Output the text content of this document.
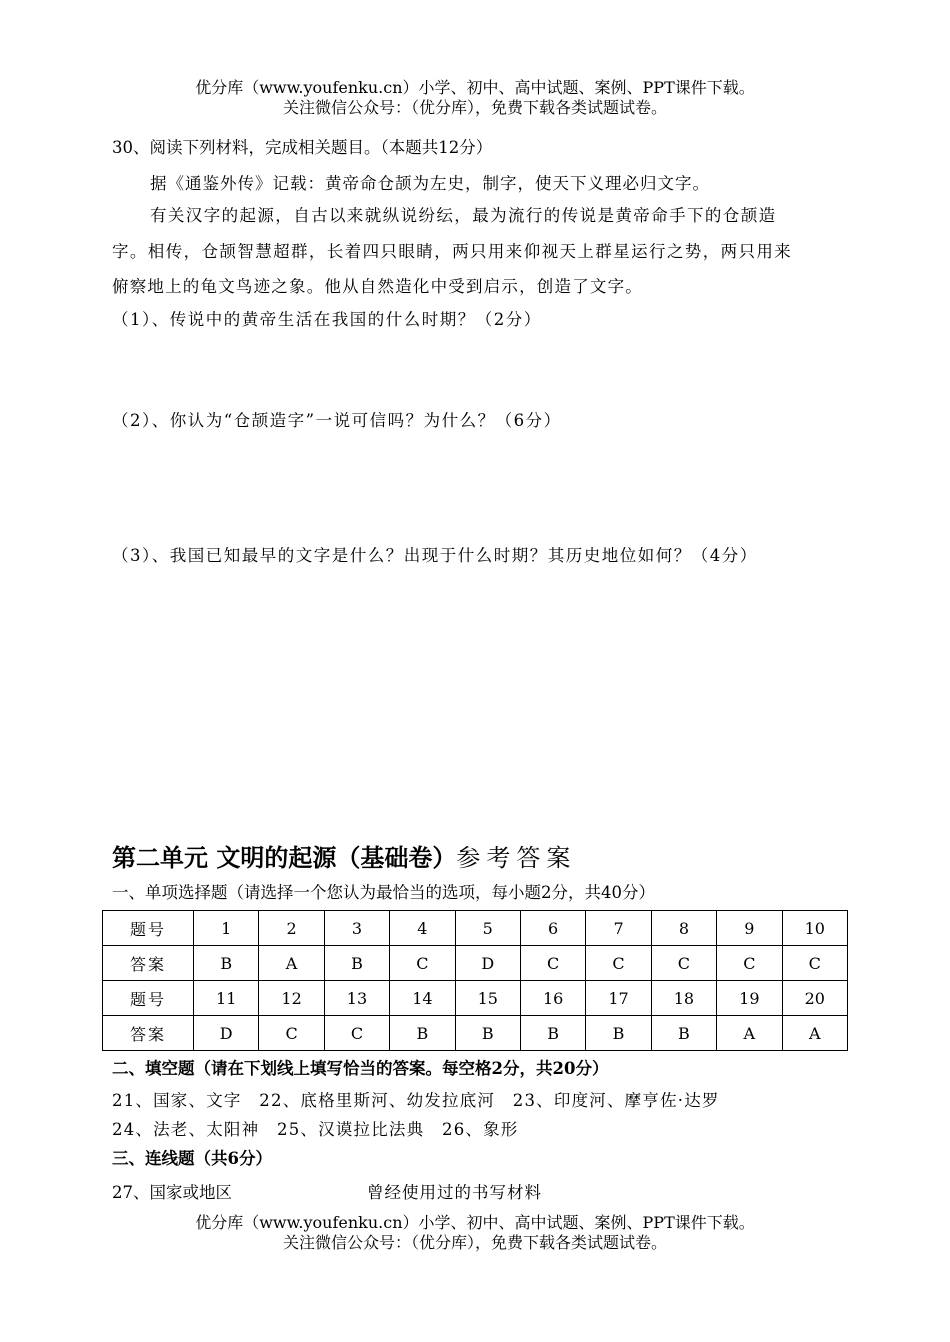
优分库（www.youfenku.cn）小学、初中、高中试题、案例、PPT课件下载。
关注微信公众号：（优分库），免费下载各类试题试卷。
30、阅读下列材料，完成相关题目。（本题共12分）
据《通鉴外传》记载：黄帝命仓颉为左史，制字，使天下义理必归文字。
有关汉字的起源，自古以来就纵说纷纭，最为流行的传说是黄帝命手下的仓颉造
字。相传，仓颉智慧超群，长着四只眼睛，两只用来仰视天上群星运行之势，两只用来
俯察地上的龟文鸟迹之象。他从自然造化中受到启示，创造了文字。
（1）、传说中的黄帝生活在我国的什么时期？（2分）
（2）、你认为“仓颉造字”一说可信吗？为什么？（6分）
（3）、我国已知最早的文字是什么？出现于什么时期？其历史地位如何？（4分）
第二单元 文明的起源（基础卷）参考答案
一、单项选择题（请选择一个您认为最恰当的选项，每小题2分，共40分）
题号	1	2	3	4	5	6	7	8	9	10
答案	B	A	B	C	D	C	C	C	C	C
题号	11	12	13	14	15	16	17	18	19	20
答案	D	C	C	B	B	B	B	B	A	A
二、填空题（请在下划线上填写恰当的答案。每空格2分，共20分）
21、国家、文字　22、底格里斯河、幼发拉底河　23、印度河、摩亨佐·达罗
24、法老、太阳神　25、汉谟拉比法典　26、象形
三、连线题（共6分）
27、国家或地区	曾经使用过的书写材料
优分库（www.youfenku.cn）小学、初中、高中试题、案例、PPT课件下载。
关注微信公众号：（优分库），免费下载各类试题试卷。
